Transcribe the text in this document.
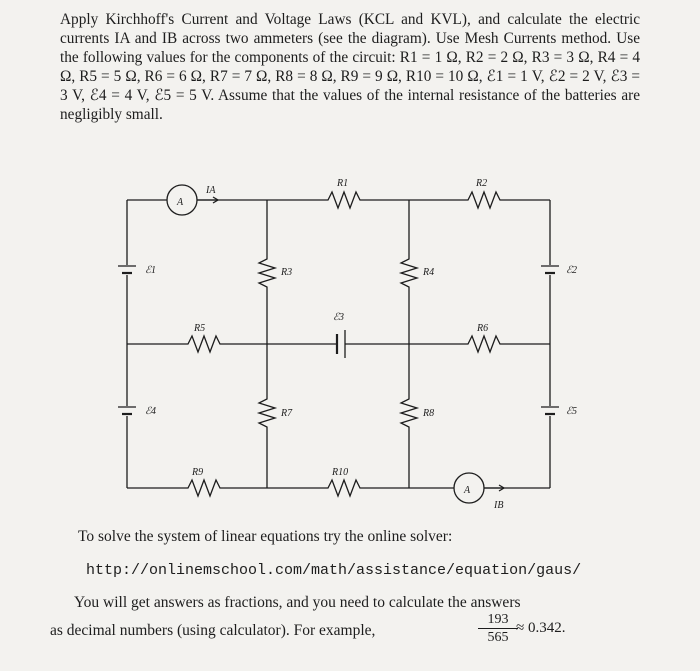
Apply Kirchhoff's Current and Voltage Laws (KCL and KVL), and calculate the electric currents IA and IB across two ammeters (see the diagram). Use Mesh Currents method. Use the following values for the components of the circuit: R1 = 1 Ω, R2 = 2 Ω, R3 = 3 Ω, R4 = 4 Ω, R5 = 5 Ω, R6 = 6 Ω, R7 = 7 Ω, R8 = 8 Ω, R9 = 9 Ω, R10 = 10 Ω, ℰ1 = 1 V, ℰ2 = 2 V, ℰ3 = 3 V, ℰ4 = 4 V, ℰ5 = 5 V. Assume that the values of the internal resistance of the batteries are negligibly small.

A
A
IA
IB
R1	R2
R3	R4
R5	R6
R7	R8
R9	R10
ℰ1	ℰ2
ℰ3
ℰ4	ℰ5
To solve the system of linear equations try the online solver:
http://onlinemschool.com/math/assistance/equation/gaus/
You will get answers as fractions, and you need to calculate the answers
as decimal numbers (using calculator). For example,	$\frac{193}{565}$
≈ 0.342.
